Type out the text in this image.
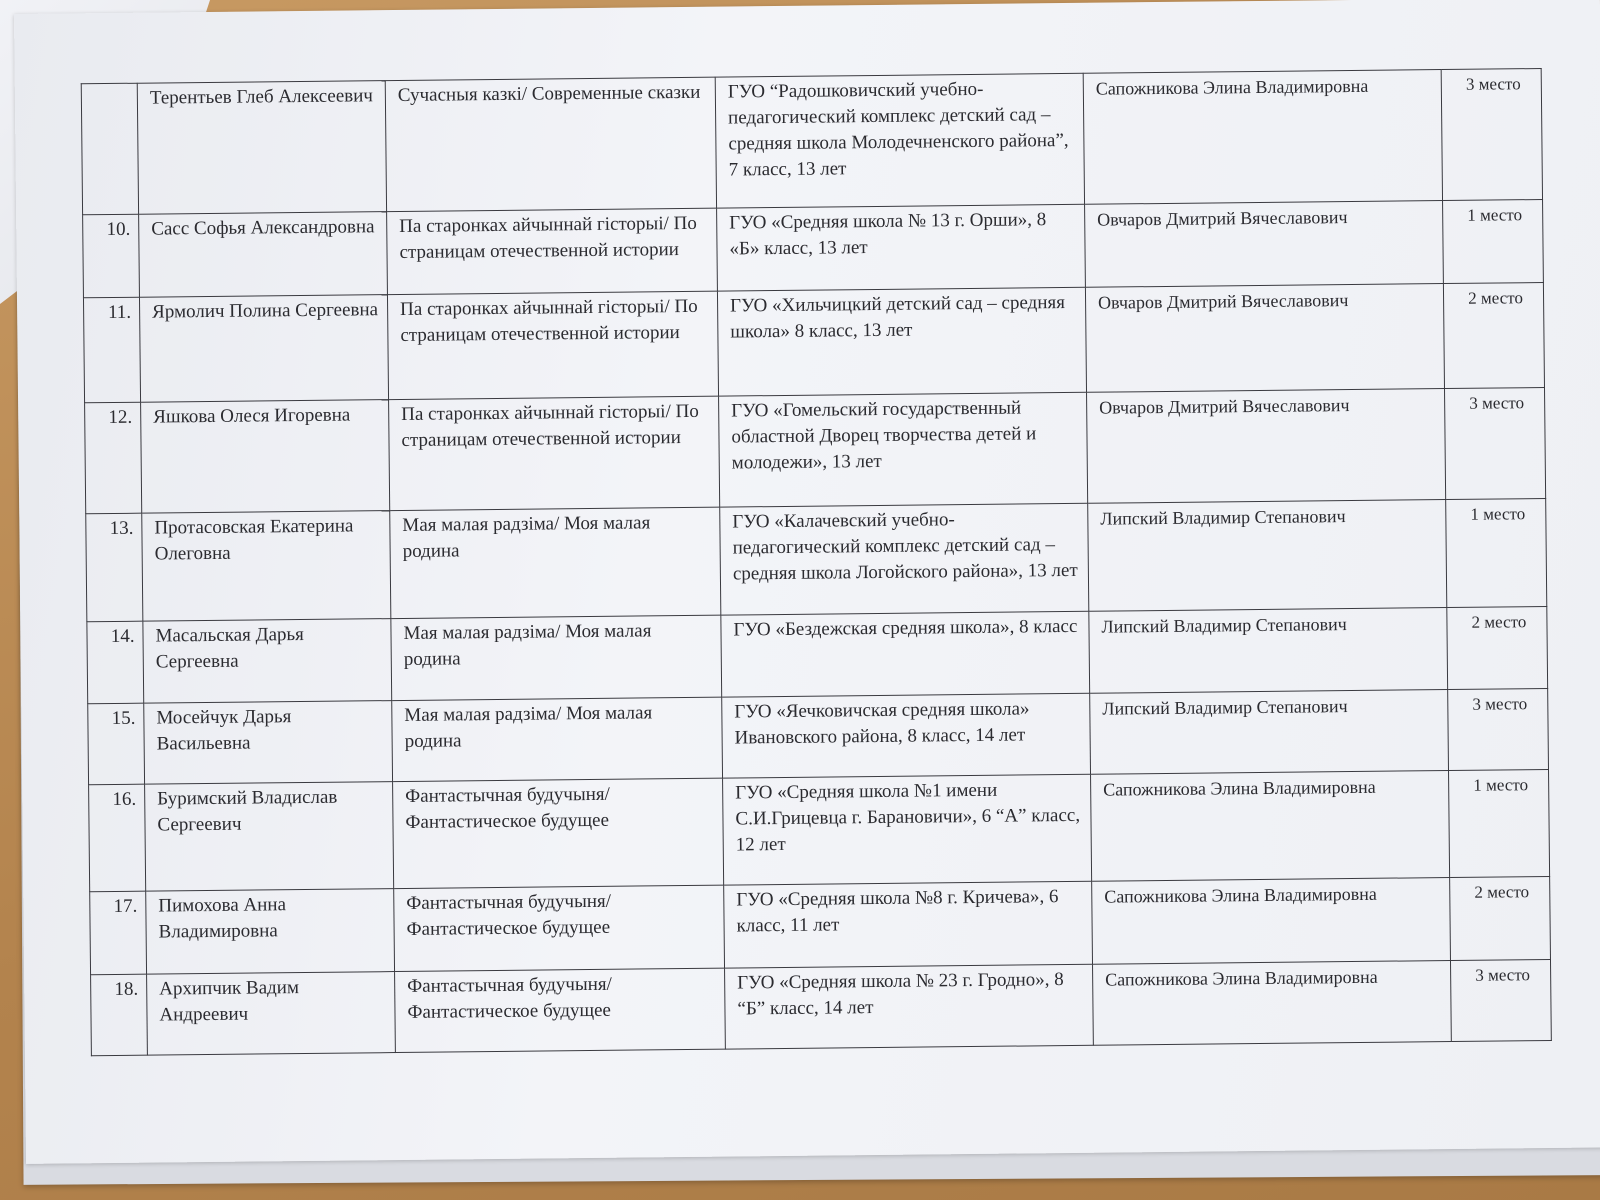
	Терентьев Глеб Алексеевич	Сучасныя казкі/ Современные сказки	ГУО “Радошковичский учебно-педагогический комплекс детский сад – средняя школа Молодечненского района”, 7 класс, 13 лет	Сапожникова Элина Владимировна	3 место
10.	Сасс Софья Александровна	Па старонках айчыннай гісторыі/ По страницам отечественной истории	ГУО «Средняя школа № 13 г. Орши», 8 «Б» класс, 13 лет	Овчаров Дмитрий Вячеславович	1 место
11.	Ярмолич Полина Сергеевна	Па старонках айчыннай гісторыі/ По страницам отечественной истории	ГУО «Хильчицкий детский сад – средняя школа» 8 класс, 13 лет	Овчаров Дмитрий Вячеславович	2 место
12.	Яшкова Олеся Игоревна	Па старонках айчыннай гісторыі/ По страницам отечественной истории	ГУО «Гомельский государственный областной Дворец творчества детей и молодежи», 13 лет	Овчаров Дмитрий Вячеславович	3 место
13.	Протасовская Екатерина Олеговна	Мая малая радзіма/ Моя малая родина	ГУО «Калачевский учебно-педагогический комплекс детский сад – средняя школа Логойского района», 13 лет	Липский Владимир Степанович	1 место
14.	Масальская Дарья Сергеевна	Мая малая радзіма/ Моя малая родина	ГУО «Бездежская средняя школа», 8 класс	Липский Владимир Степанович	2 место
15.	Мосейчук Дарья Васильевна	Мая малая радзіма/ Моя малая родина	ГУО «Яечковичская средняя школа» Ивановского района, 8 класс, 14 лет	Липский Владимир Степанович	3 место
16.	Буримский Владислав Сергеевич	Фантастычная будучыня/ Фантастическое будущее	ГУО «Средняя школа №1 имени С.И.Грицевца г. Барановичи», 6 “А” класс, 12 лет	Сапожникова Элина Владимировна	1 место
17.	Пимохова Анна Владимировна	Фантастычная будучыня/ Фантастическое будущее	ГУО «Средняя школа №8 г. Кричева», 6 класс, 11 лет	Сапожникова Элина Владимировна	2 место
18.	Архипчик Вадим Андреевич	Фантастычная будучыня/ Фантастическое будущее	ГУО «Средняя школа № 23 г. Гродно», 8 “Б” класс, 14 лет	Сапожникова Элина Владимировна	3 место
